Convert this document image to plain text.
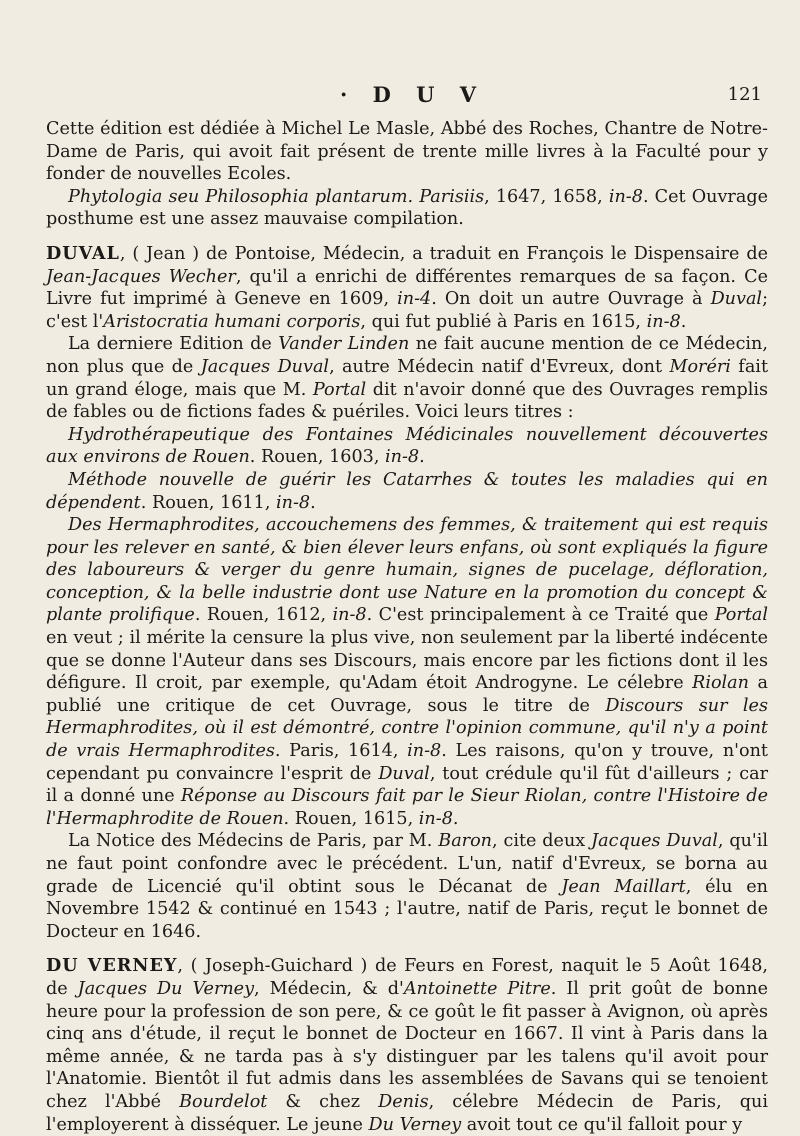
· D U V	121

Cette édition est dédiée à Michel Le Masle, Abbé des Roches, Chantre de Notre-Dame de Paris, qui avoit fait présent de trente mille livres à la Faculté pour y fonder de nouvelles Ecoles.

Phytologia seu Philosophia plantarum. Parisiis, 1647, 1658, in-8. Cet Ouvrage posthume est une assez mauvaise compilation.

DUVAL, ( Jean ) de Pontoise, Médecin, a traduit en François le Dispensaire de Jean-Jacques Wecher, qu'il a enrichi de différentes remarques de sa façon. Ce Livre fut imprimé à Geneve en 1609, in-4. On doit un autre Ouvrage à Duval; c'est l'Aristocratia humani corporis, qui fut publié à Paris en 1615, in-8.

La derniere Edition de Vander Linden ne fait aucune mention de ce Médecin, non plus que de Jacques Duval, autre Médecin natif d'Evreux, dont Moréri fait un grand éloge, mais que M. Portal dit n'avoir donné que des Ouvrages remplis de fables ou de fictions fades & puériles. Voici leurs titres :

Hydrothérapeutique des Fontaines Médicinales nouvellement découvertes aux environs de Rouen. Rouen, 1603, in-8.

Méthode nouvelle de guérir les Catarrhes & toutes les maladies qui en dépendent. Rouen, 1611, in-8.

Des Hermaphrodites, accouchemens des femmes, & traitement qui est requis pour les relever en santé, & bien élever leurs enfans, où sont expliqués la figure des laboureurs & verger du genre humain, signes de pucelage, défloration, conception, & la belle industrie dont use Nature en la promotion du concept & plante prolifique. Rouen, 1612, in-8. C'est principalement à ce Traité que Portal en veut ; il mérite la censure la plus vive, non seulement par la liberté indécente que se donne l'Auteur dans ses Discours, mais encore par les fictions dont il les défigure. Il croit, par exemple, qu'Adam étoit Androgyne. Le célebre Riolan a publié une critique de cet Ouvrage, sous le titre de Discours sur les Hermaphrodites, où il est démontré, contre l'opinion commune, qu'il n'y a point de vrais Hermaphrodites. Paris, 1614, in-8. Les raisons, qu'on y trouve, n'ont cependant pu convaincre l'esprit de Duval, tout crédule qu'il fût d'ailleurs ; car il a donné une Réponse au Discours fait par le Sieur Riolan, contre l'Histoire de l'Hermaphrodite de Rouen. Rouen, 1615, in-8.

La Notice des Médecins de Paris, par M. Baron, cite deux Jacques Duval, qu'il ne faut point confondre avec le précédent. L'un, natif d'Evreux, se borna au grade de Licencié qu'il obtint sous le Décanat de Jean Maillart, élu en Novembre 1542 & continué en 1543 ; l'autre, natif de Paris, reçut le bonnet de Docteur en 1646.

DU VERNEY, ( Joseph-Guichard ) de Feurs en Forest, naquit le 5 Août 1648, de Jacques Du Verney, Médecin, & d'Antoinette Pitre. Il prit goût de bonne heure pour la profession de son pere, & ce goût le fit passer à Avignon, où après cinq ans d'étude, il reçut le bonnet de Docteur en 1667. Il vint à Paris dans la même année, & ne tarda pas à s'y distinguer par les talens qu'il avoit pour l'Anatomie. Bientôt il fut admis dans les assemblées de Savans qui se tenoient chez l'Abbé Bourdelot & chez Denis, célebre Médecin de Paris, qui l'employerent à disséquer. Le jeune Du Verney avoit tout ce qu'il falloit pour y
